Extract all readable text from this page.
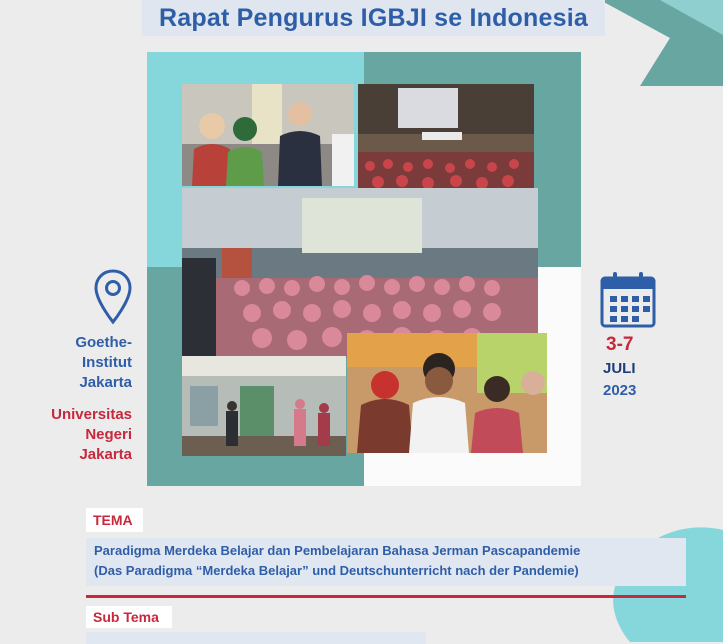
Rapat Pengurus IGBJI se Indonesia
Goethe-
Institut
Jakarta
Universitas
Negeri
Jakarta
3-7
JULI
2023
TEMA
Paradigma Merdeka Belajar dan Pembelajaran Bahasa Jerman Pascapandemie
(Das Paradigma “Merdeka Belajar” und Deutschunterricht nach der Pandemie)
Sub Tema
